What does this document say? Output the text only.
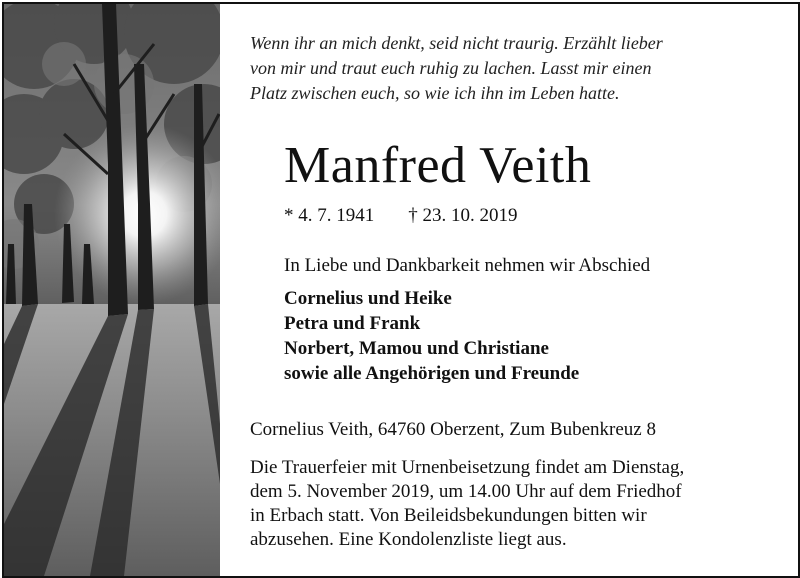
Wenn ihr an mich denkt, seid nicht traurig. Erzählt lieber
von mir und traut euch ruhig zu lachen. Lasst mir einen
Platz zwischen euch, so wie ich ihn im Leben hatte.
Manfred Veith
* 4. 7. 1941 † 23. 10. 2019
In Liebe und Dankbarkeit nehmen wir Abschied
Cornelius und Heike
Petra und Frank
Norbert, Mamou und Christiane
sowie alle Angehörigen und Freunde
Cornelius Veith, 64760 Oberzent, Zum Bubenkreuz 8
Die Trauerfeier mit Urnenbeisetzung findet am Dienstag,
dem 5. November 2019, um 14.00 Uhr auf dem Friedhof
in Erbach statt. Von Beileidsbekundungen bitten wir
abzusehen. Eine Kondolenzliste liegt aus.
